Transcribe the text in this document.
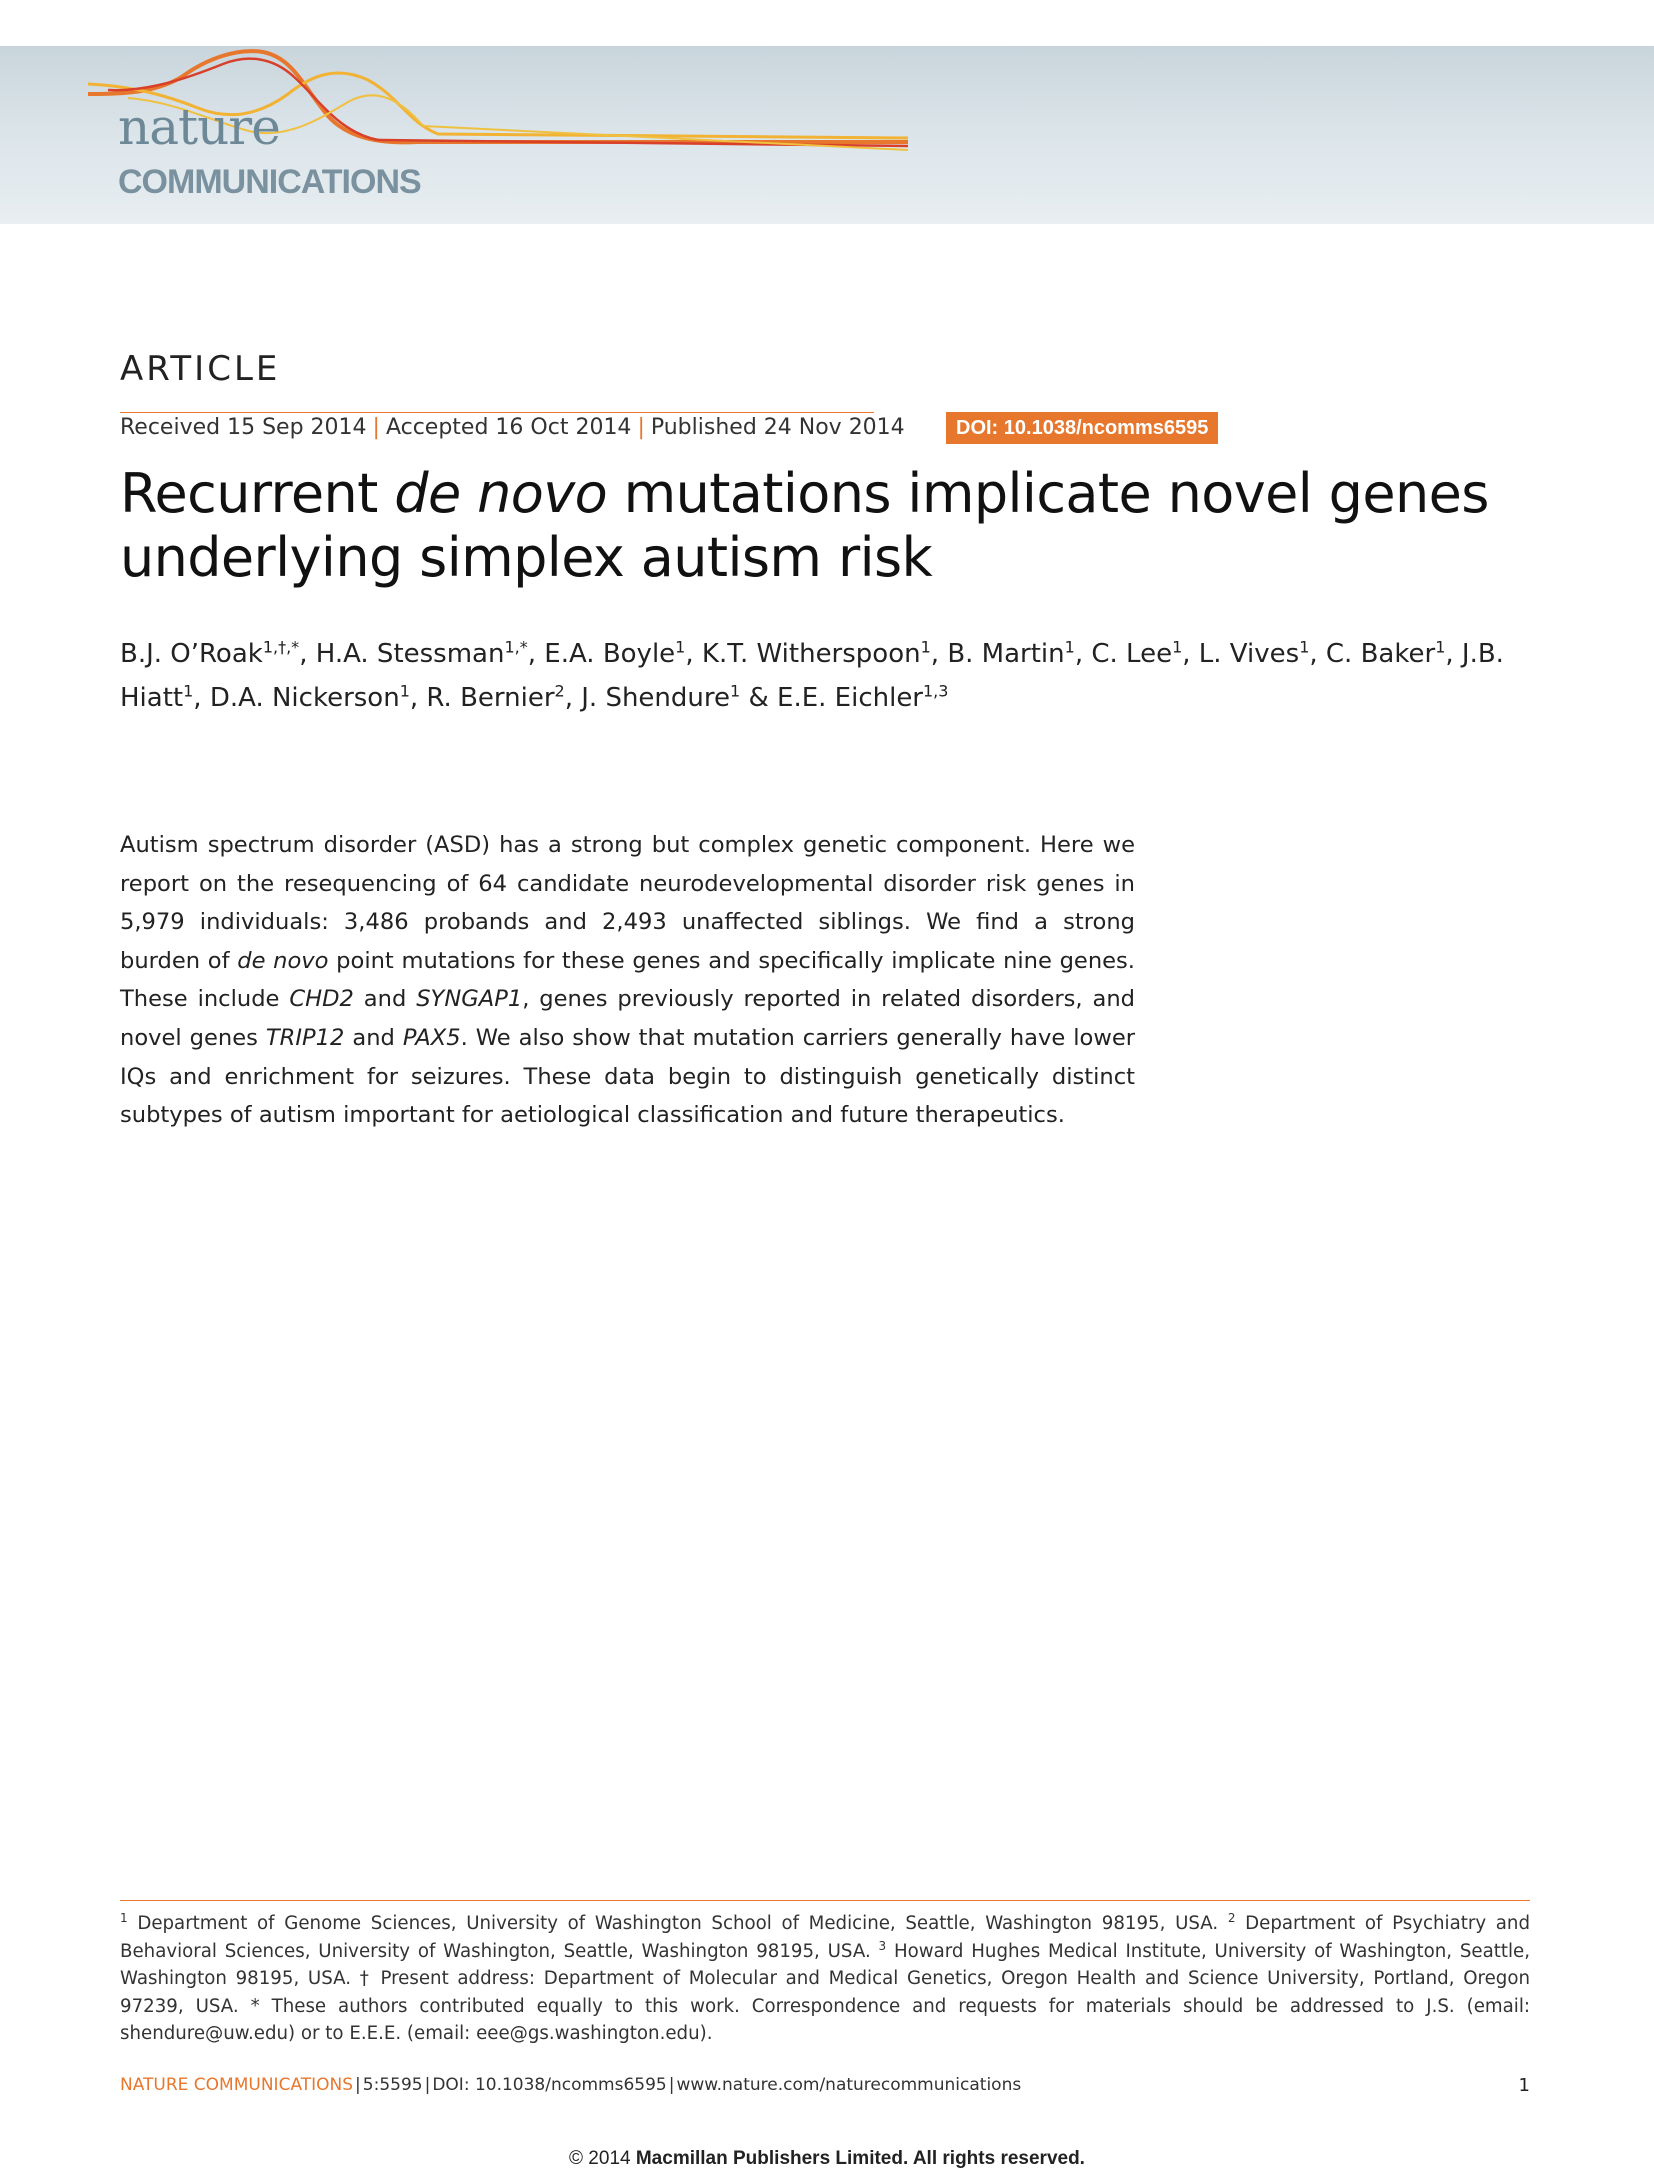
nature
COMMUNICATIONS
ARTICLE
Received 15 Sep 2014 | Accepted 16 Oct 2014 | Published 24 Nov 2014	DOI: 10.1038/ncomms6595
Recurrent de novo mutations implicate novel genes underlying simplex autism risk
B.J. O’Roak$^{1,\dagger,*}$, H.A. Stessman$^{1,*}$, E.A. Boyle$^1$, K.T. Witherspoon$^1$, B. Martin$^1$, C. Lee$^1$, L. Vives$^1$, C. Baker$^1$, J.B. Hiatt$^1$, D.A. Nickerson$^1$, R. Bernier$^2$, J. Shendure$^1$ & E.E. Eichler$^{1,3}$
Autism spectrum disorder (ASD) has a strong but complex genetic component. Here we report on the resequencing of 64 candidate neurodevelopmental disorder risk genes in 5,979 individuals: 3,486 probands and 2,493 unaffected siblings. We find a strong burden of de novo point mutations for these genes and specifically implicate nine genes. These include CHD2 and SYNGAP1, genes previously reported in related disorders, and novel genes TRIP12 and PAX5. We also show that mutation carriers generally have lower IQs and enrichment for seizures. These data begin to distinguish genetically distinct subtypes of autism important for aetiological classification and future therapeutics.
$^1$ Department of Genome Sciences, University of Washington School of Medicine, Seattle, Washington 98195, USA. $^2$ Department of Psychiatry and Behavioral Sciences, University of Washington, Seattle, Washington 98195, USA. $^3$ Howard Hughes Medical Institute, University of Washington, Seattle, Washington 98195, USA. † Present address: Department of Molecular and Medical Genetics, Oregon Health and Science University, Portland, Oregon 97239, USA. * These authors contributed equally to this work. Correspondence and requests for materials should be addressed to J.S. (email: shendure@uw.edu) or to E.E.E. (email: eee@gs.washington.edu).
NATURE COMMUNICATIONS | 5:5595 | DOI: 10.1038/ncomms6595 | www.nature.com/naturecommunications	1
© 2014 Macmillan Publishers Limited. All rights reserved.
